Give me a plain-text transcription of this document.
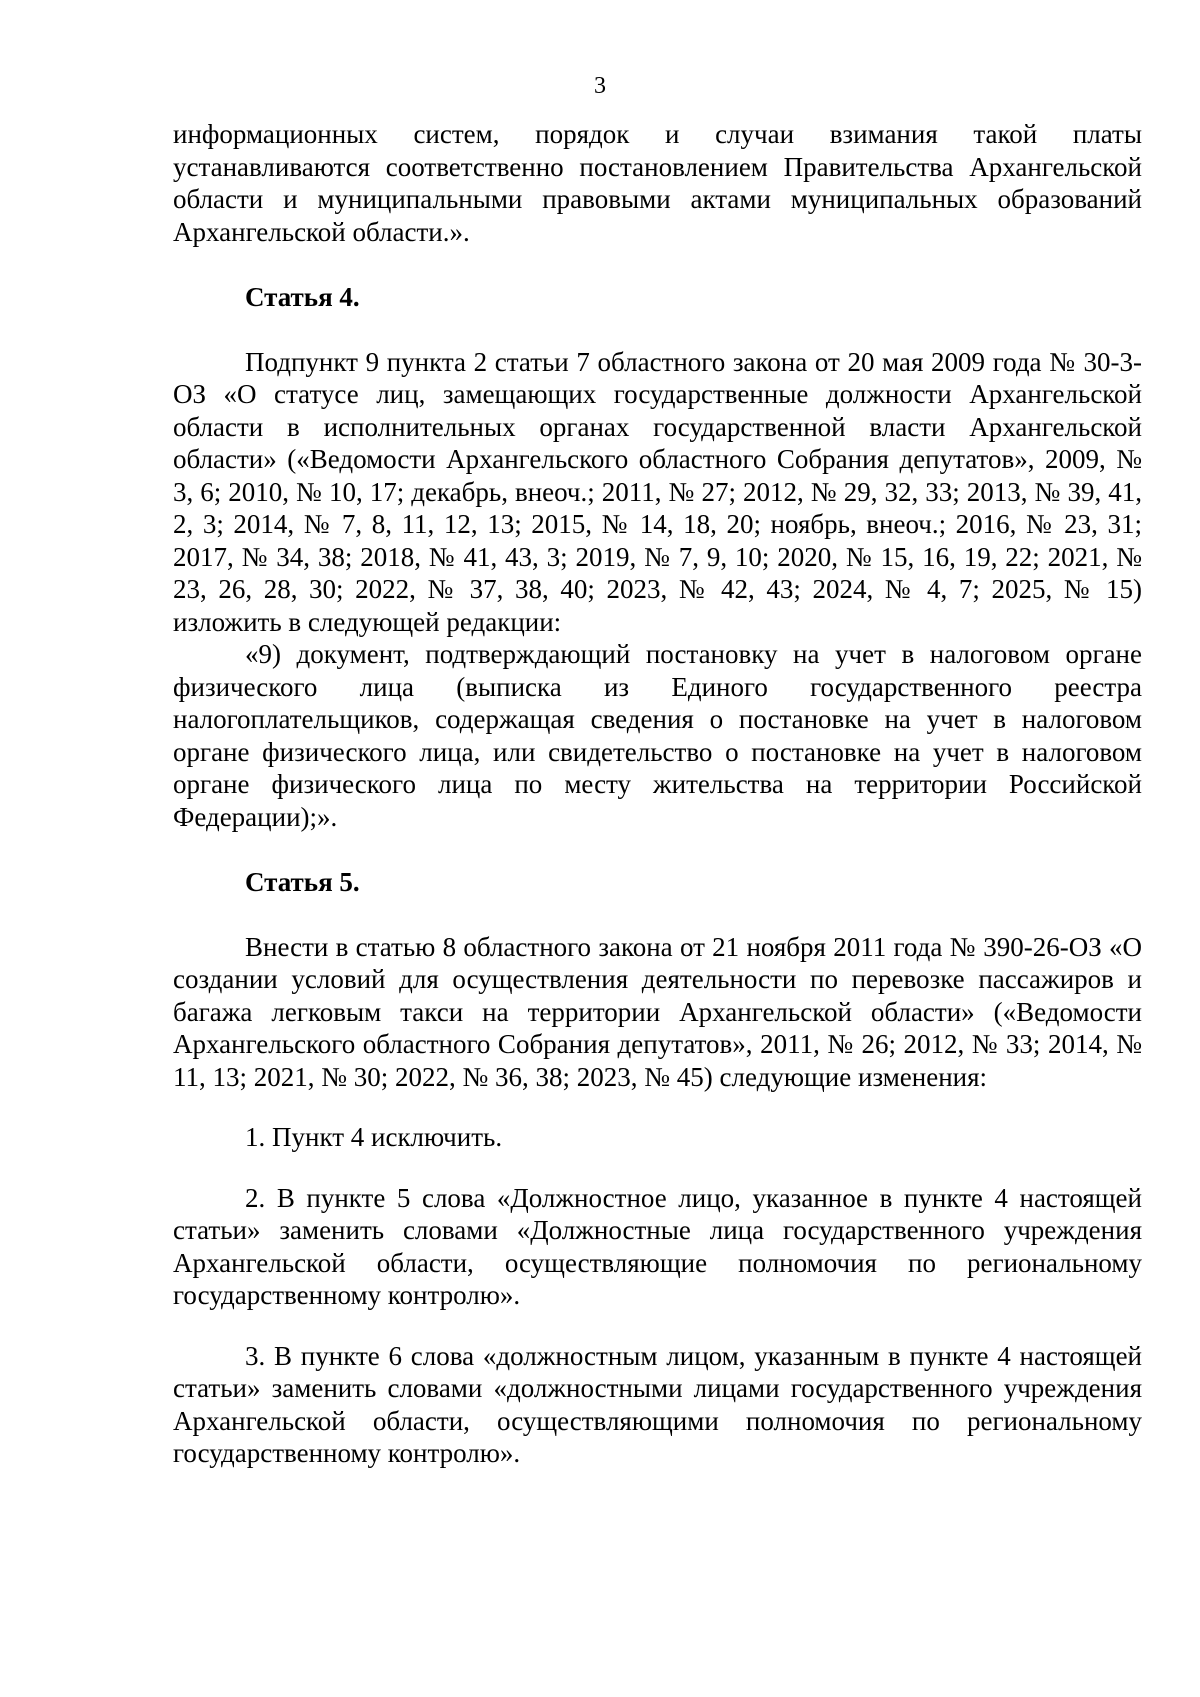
3

информационных систем, порядок и случаи взимания такой платы устанавливаются соответственно постановлением Правительства Архангельской области и муниципальными правовыми актами муниципальных образований Архангельской области.».

Статья 4.

Подпункт 9 пункта 2 статьи 7 областного закона от 20 мая 2009 года № 30-3-ОЗ «О статусе лиц, замещающих государственные должности Архангельской области в исполнительных органах государственной власти Архангельской области» («Ведомости Архангельского областного Собрания депутатов», 2009, № 3, 6; 2010, № 10, 17; декабрь, внеоч.; 2011, № 27; 2012, № 29, 32, 33; 2013, № 39, 41, 2, 3; 2014, № 7, 8, 11, 12, 13; 2015, № 14, 18, 20; ноябрь, внеоч.; 2016, № 23, 31; 2017, № 34, 38; 2018, № 41, 43, 3; 2019, № 7, 9, 10; 2020, № 15, 16, 19, 22; 2021, № 23, 26, 28, 30; 2022, № 37, 38, 40; 2023, № 42, 43; 2024, № 4, 7; 2025, № 15) изложить в следующей редакции:

«9) документ, подтверждающий постановку на учет в налоговом органе физического лица (выписка из Единого государственного реестра налогоплательщиков, содержащая сведения о постановке на учет в налоговом органе физического лица, или свидетельство о постановке на учет в налоговом органе физического лица по месту жительства на территории Российской Федерации);».

Статья 5.

Внести в статью 8 областного закона от 21 ноября 2011 года № 390-26-ОЗ «О создании условий для осуществления деятельности по перевозке пассажиров и багажа легковым такси на территории Архангельской области» («Ведомости Архангельского областного Собрания депутатов», 2011, № 26; 2012, № 33; 2014, № 11, 13; 2021, № 30; 2022, № 36, 38; 2023, № 45) следующие изменения:

1. Пункт 4 исключить.

2. В пункте 5 слова «Должностное лицо, указанное в пункте 4 настоящей статьи» заменить словами «Должностные лица государственного учреждения Архангельской области, осуществляющие полномочия по региональному государственному контролю».

3. В пункте 6 слова «должностным лицом, указанным в пункте 4 настоящей статьи» заменить словами «должностными лицами государственного учреждения Архангельской области, осуществляющими полномочия по региональному государственному контролю».
